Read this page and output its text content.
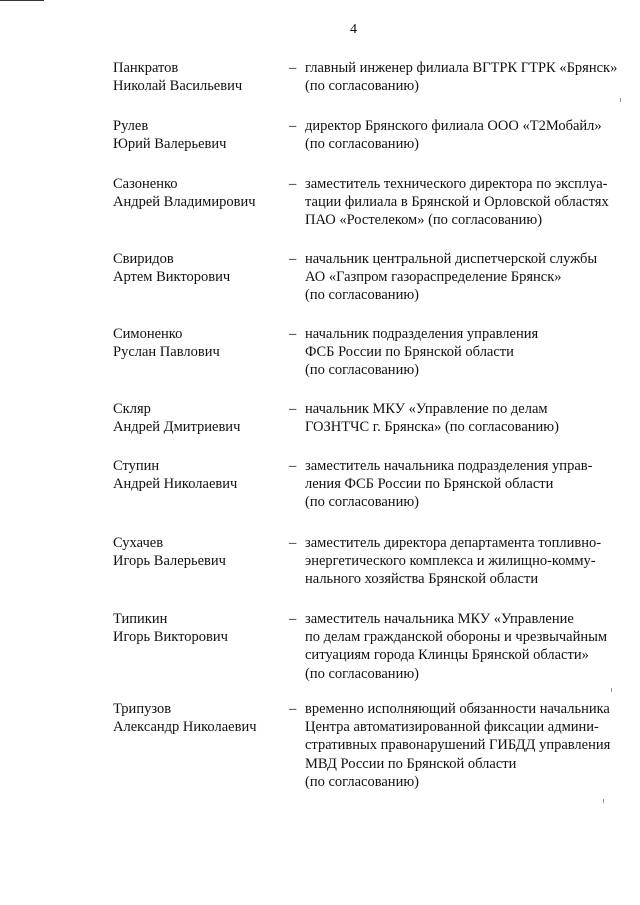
4
Панкратов
Николай Васильевич
– главный инженер филиала ВГТРК ГТРК «Брянск»
(по согласованию)
Рулев
Юрий Валерьевич
– директор Брянского филиала ООО «Т2Мобайл»
(по согласованию)
Сазоненко
Андрей Владимирович
– заместитель технического директора по эксплуа-
тации филиала в Брянской и Орловской областях
ПАО «Ростелеком» (по согласованию)
Свиридов
Артем Викторович
– начальник центральной диспетчерской службы
АО «Газпром газораспределение Брянск»
(по согласованию)
Симоненко
Руслан Павлович
– начальник подразделения управления
ФСБ России по Брянской области
(по согласованию)
Скляр
Андрей Дмитриевич
– начальник МКУ «Управление по делам
ГОЗНТЧС г. Брянска» (по согласованию)
Ступин
Андрей Николаевич
– заместитель начальника подразделения управ-
ления ФСБ России по Брянской области
(по согласованию)
Сухачев
Игорь Валерьевич
– заместитель директора департамента топливно-
энергетического комплекса и жилищно-комму-
нального хозяйства Брянской области
Типикин
Игорь Викторович
– заместитель начальника МКУ «Управление
по делам гражданской обороны и чрезвычайным
ситуациям города Клинцы Брянской области»
(по согласованию)
Трипузов
Александр Николаевич
– временно исполняющий обязанности начальника
Центра автоматизированной фиксации админи-
стративных правонарушений ГИБДД управления
МВД России по Брянской области
(по согласованию)
